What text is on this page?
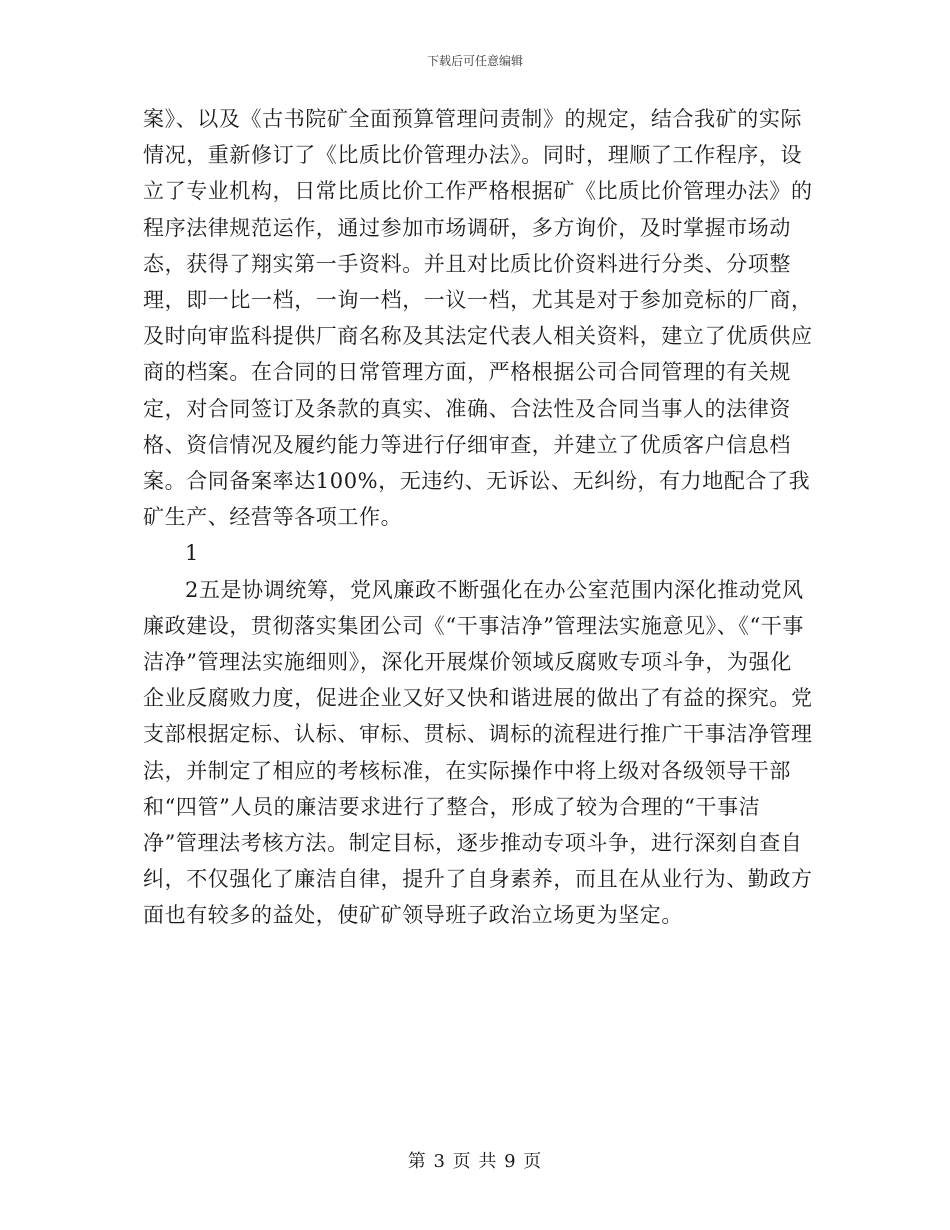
下载后可任意编辑

案》、以及《古书院矿全面预算管理问责制》的规定，结合我矿的实际情况，重新修订了《比质比价管理办法》。同时，理顺了工作程序，设立了专业机构，日常比质比价工作严格根据矿《比质比价管理办法》的程序法律规范运作，通过参加市场调研，多方询价，及时掌握市场动态，获得了翔实第一手资料。并且对比质比价资料进行分类、分项整理，即一比一档，一询一档，一议一档，尤其是对于参加竞标的厂商，及时向审监科提供厂商名称及其法定代表人相关资料，建立了优质供应商的档案。在合同的日常管理方面，严格根据公司合同管理的有关规定，对合同签订及条款的真实、准确、合法性及合同当事人的法律资格、资信情况及履约能力等进行仔细审查，并建立了优质客户信息档案。合同备案率达100%，无违约、无诉讼、无纠纷，有力地配合了我矿生产、经营等各项工作。

1

2五是协调统筹，党风廉政不断强化在办公室范围内深化推动党风廉政建设，贯彻落实集团公司《“干事洁净”管理法实施意见》、《“干事洁净”管理法实施细则》，深化开展煤价领域反腐败专项斗争，为强化企业反腐败力度，促进企业又好又快和谐进展的做出了有益的探究。党支部根据定标、认标、审标、贯标、调标的流程进行推广干事洁净管理法，并制定了相应的考核标准，在实际操作中将上级对各级领导干部和“四管”人员的廉洁要求进行了整合，形成了较为合理的“干事洁净”管理法考核方法。制定目标，逐步推动专项斗争，进行深刻自查自纠，不仅强化了廉洁自律，提升了自身素养，而且在从业行为、勤政方面也有较多的益处，使矿矿领导班子政治立场更为坚定。

第 3 页 共 9 页
